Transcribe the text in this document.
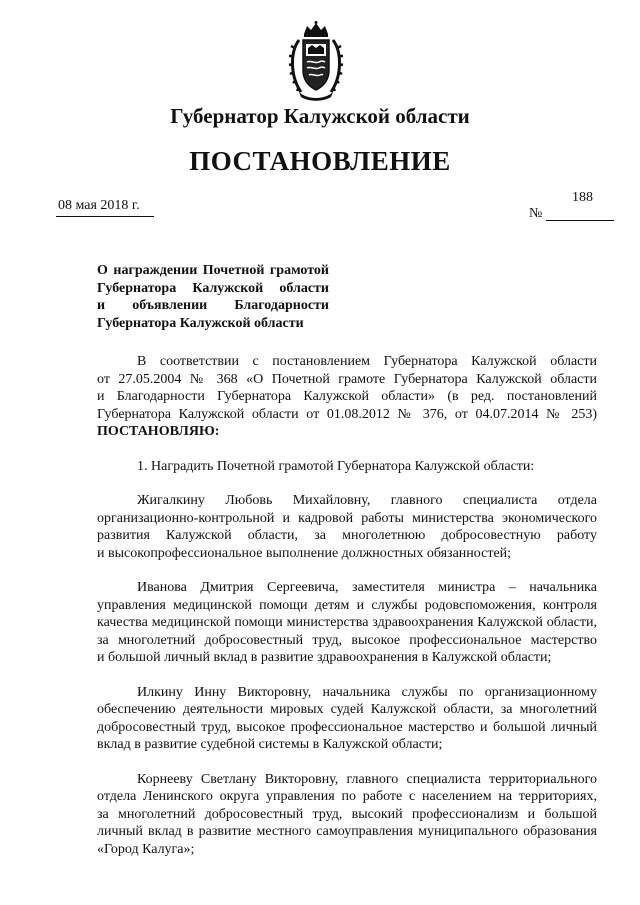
Губернатор Калужской области
ПОСТАНОВЛЕНИЕ
08 мая 2018 г.
188
№
О награждении Почетной грамотой
Губернатора Калужской области
и объявлении Благодарности
Губернатора Калужской области
В соответствии с постановлением Губернатора Калужской области
от 27.05.2004 № 368 «О Почетной грамоте Губернатора Калужской области
и Благодарности Губернатора Калужской области» (в ред. постановлений
Губернатора Калужской области от 01.08.2012 № 376, от 04.07.2014 № 253)
ПОСТАНОВЛЯЮ:
1. Наградить Почетной грамотой Губернатора Калужской области:
Жигалкину Любовь Михайловну, главного специалиста отдела
организационно-контрольной и кадровой работы министерства экономического
развития Калужской области, за многолетнюю добросовестную работу
и высокопрофессиональное выполнение должностных обязанностей;
Иванова Дмитрия Сергеевича, заместителя министра – начальника
управления медицинской помощи детям и службы родовспоможения, контроля
качества медицинской помощи министерства здравоохранения Калужской области,
за многолетний добросовестный труд, высокое профессиональное мастерство
и большой личный вклад в развитие здравоохранения в Калужской области;
Илкину Инну Викторовну, начальника службы по организационному
обеспечению деятельности мировых судей Калужской области, за многолетний
добросовестный труд, высокое профессиональное мастерство и большой личный
вклад в развитие судебной системы в Калужской области;
Корнееву Светлану Викторовну, главного специалиста территориального
отдела Ленинского округа управления по работе с населением на территориях,
за многолетний добросовестный труд, высокий профессионализм и большой
личный вклад в развитие местного самоуправления муниципального образования
«Город Калуга»;
